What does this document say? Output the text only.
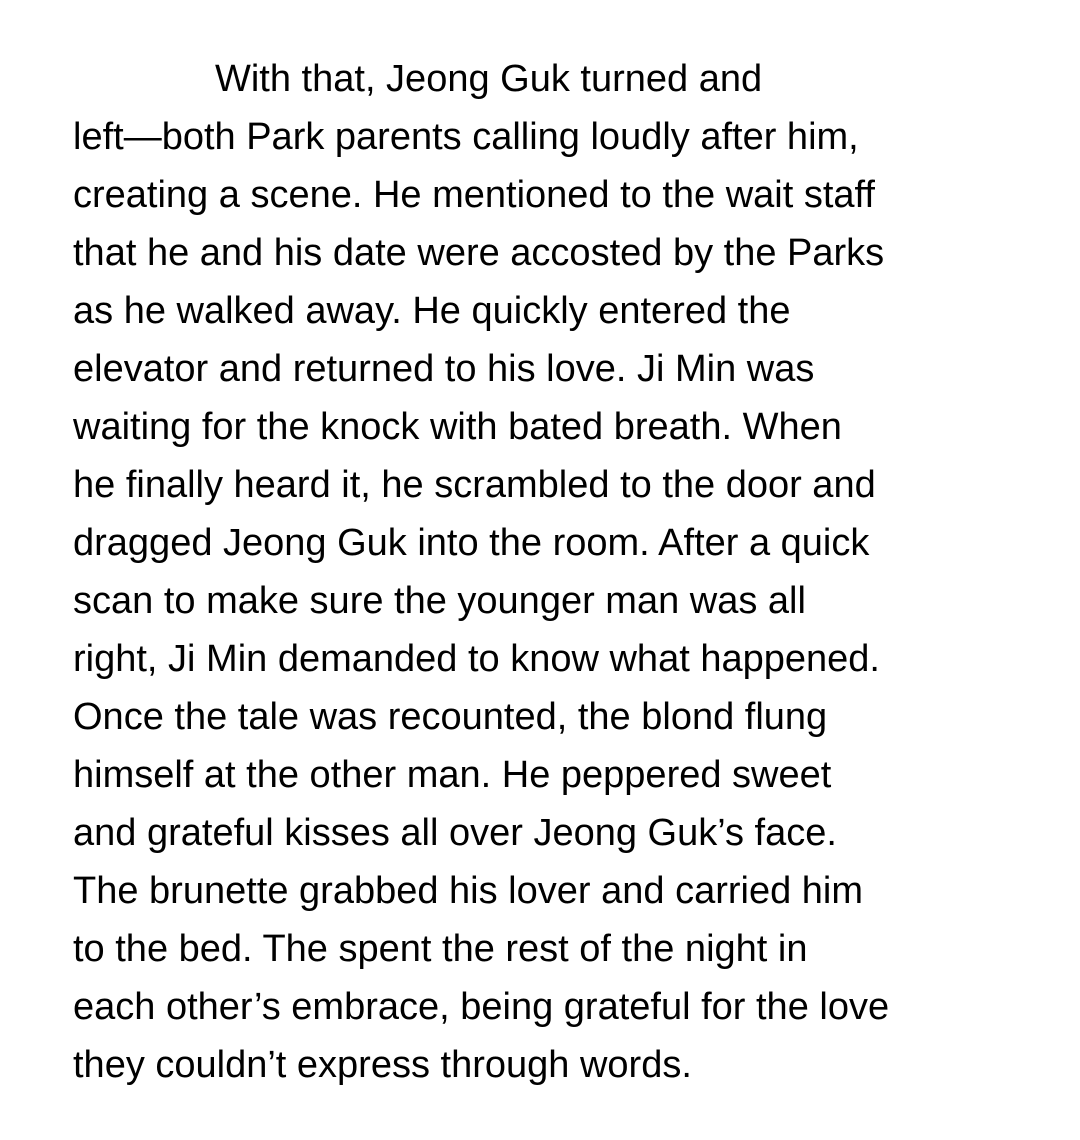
With that, Jeong Guk turned and
left—both Park parents calling loudly after him,
creating a scene. He mentioned to the wait staff
that he and his date were accosted by the Parks
as he walked away. He quickly entered the
elevator and returned to his love. Ji Min was
waiting for the knock with bated breath. When
he finally heard it, he scrambled to the door and
dragged Jeong Guk into the room. After a quick
scan to make sure the younger man was all
right, Ji Min demanded to know what happened.
Once the tale was recounted, the blond flung
himself at the other man. He peppered sweet
and grateful kisses all over Jeong Guk’s face.
The brunette grabbed his lover and carried him
to the bed. The spent the rest of the night in
each other’s embrace, being grateful for the love
they couldn’t express through words.
